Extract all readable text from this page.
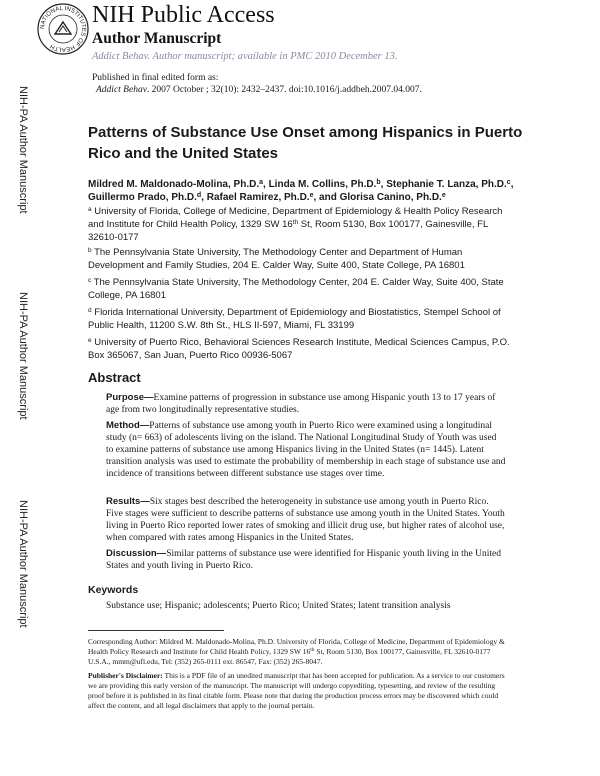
NATIONAL INSTITUTES OF HEALTH
NIH Public Access
Author Manuscript
Addict Behav. Author manuscript; available in PMC 2010 December 13.
Published in final edited form as:
Addict Behav. 2007 October ; 32(10): 2432–2437. doi:10.1016/j.addbeh.2007.04.007.
NIH-PA Author Manuscript
NIH-PA Author Manuscript
NIH-PA Author Manuscript
Patterns of Substance Use Onset among Hispanics in Puerto Rico and the United States
Mildred M. Maldonado-Molina, Ph.D.$^a$, Linda M. Collins, Ph.D.$^b$, Stephanie T. Lanza, Ph.D.$^c$,
Guillermo Prado, Ph.D.$^d$, Rafael Ramirez, Ph.D.$^e$, and Glorisa Canino, Ph.D.$^e$
$^a$ University of Florida, College of Medicine, Department of Epidemiology & Health Policy Research and Institute for Child Health Policy, 1329 SW 16th St, Room 5130, Box 100177, Gainesville, FL 32610-0177
$^b$ The Pennsylvania State University, The Methodology Center and Department of Human Development and Family Studies, 204 E. Calder Way, Suite 400, State College, PA 16801
$^c$ The Pennsylvania State University, The Methodology Center, 204 E. Calder Way, Suite 400, State College, PA 16801
$^d$ Florida International University, Department of Epidemiology and Biostatistics, Stempel School of Public Health, 11200 S.W. 8th St., HLS II-597, Miami, FL 33199
$^e$ University of Puerto Rico, Behavioral Sciences Research Institute, Medical Sciences Campus, P.O. Box 365067, San Juan, Puerto Rico 00936-5067
Abstract
Purpose—Examine patterns of progression in substance use among Hispanic youth 13 to 17 years of age from two longitudinally representative studies.
Method—Patterns of substance use among youth in Puerto Rico were examined using a longitudinal study (n= 663) of adolescents living on the island. The National Longitudinal Study of Youth was used to examine patterns of substance use among Hispanics living in the United States (n= 1445). Latent transition analysis was used to estimate the probability of membership in each stage of substance use and incidence of transitions between different substance use stages over time.
Results—Six stages best described the heterogeneity in substance use among youth in Puerto Rico. Five stages were sufficient to describe patterns of substance use among youth in the United States. Youth living in Puerto Rico reported lower rates of smoking and illicit drug use, but higher rates of alcohol use, when compared with rates among Hispanics in the United States.
Discussion—Similar patterns of substance use were identified for Hispanic youth living in the United States and youth living in Puerto Rico.
Keywords
Substance use; Hispanic; adolescents; Puerto Rico; United States; latent transition analysis
Corresponding Author: Mildred M. Maldonado-Molina, Ph.D. University of Florida, College of Medicine, Department of Epidemiology & Health Policy Research and Institute for Child Health Policy, 1329 SW 16th St, Room 5130, Box 100177, Gainesville, FL 32610-0177 U.S.A., mmm@ufl.edu, Tel: (352) 265-0111 ext. 86547, Fax: (352) 265-8047.
Publisher's Disclaimer: This is a PDF file of an unedited manuscript that has been accepted for publication. As a service to our customers we are providing this early version of the manuscript. The manuscript will undergo copyediting, typesetting, and review of the resulting proof before it is published in its final citable form. Please note that during the production process errors may be discovered which could affect the content, and all legal disclaimers that apply to the journal pertain.
